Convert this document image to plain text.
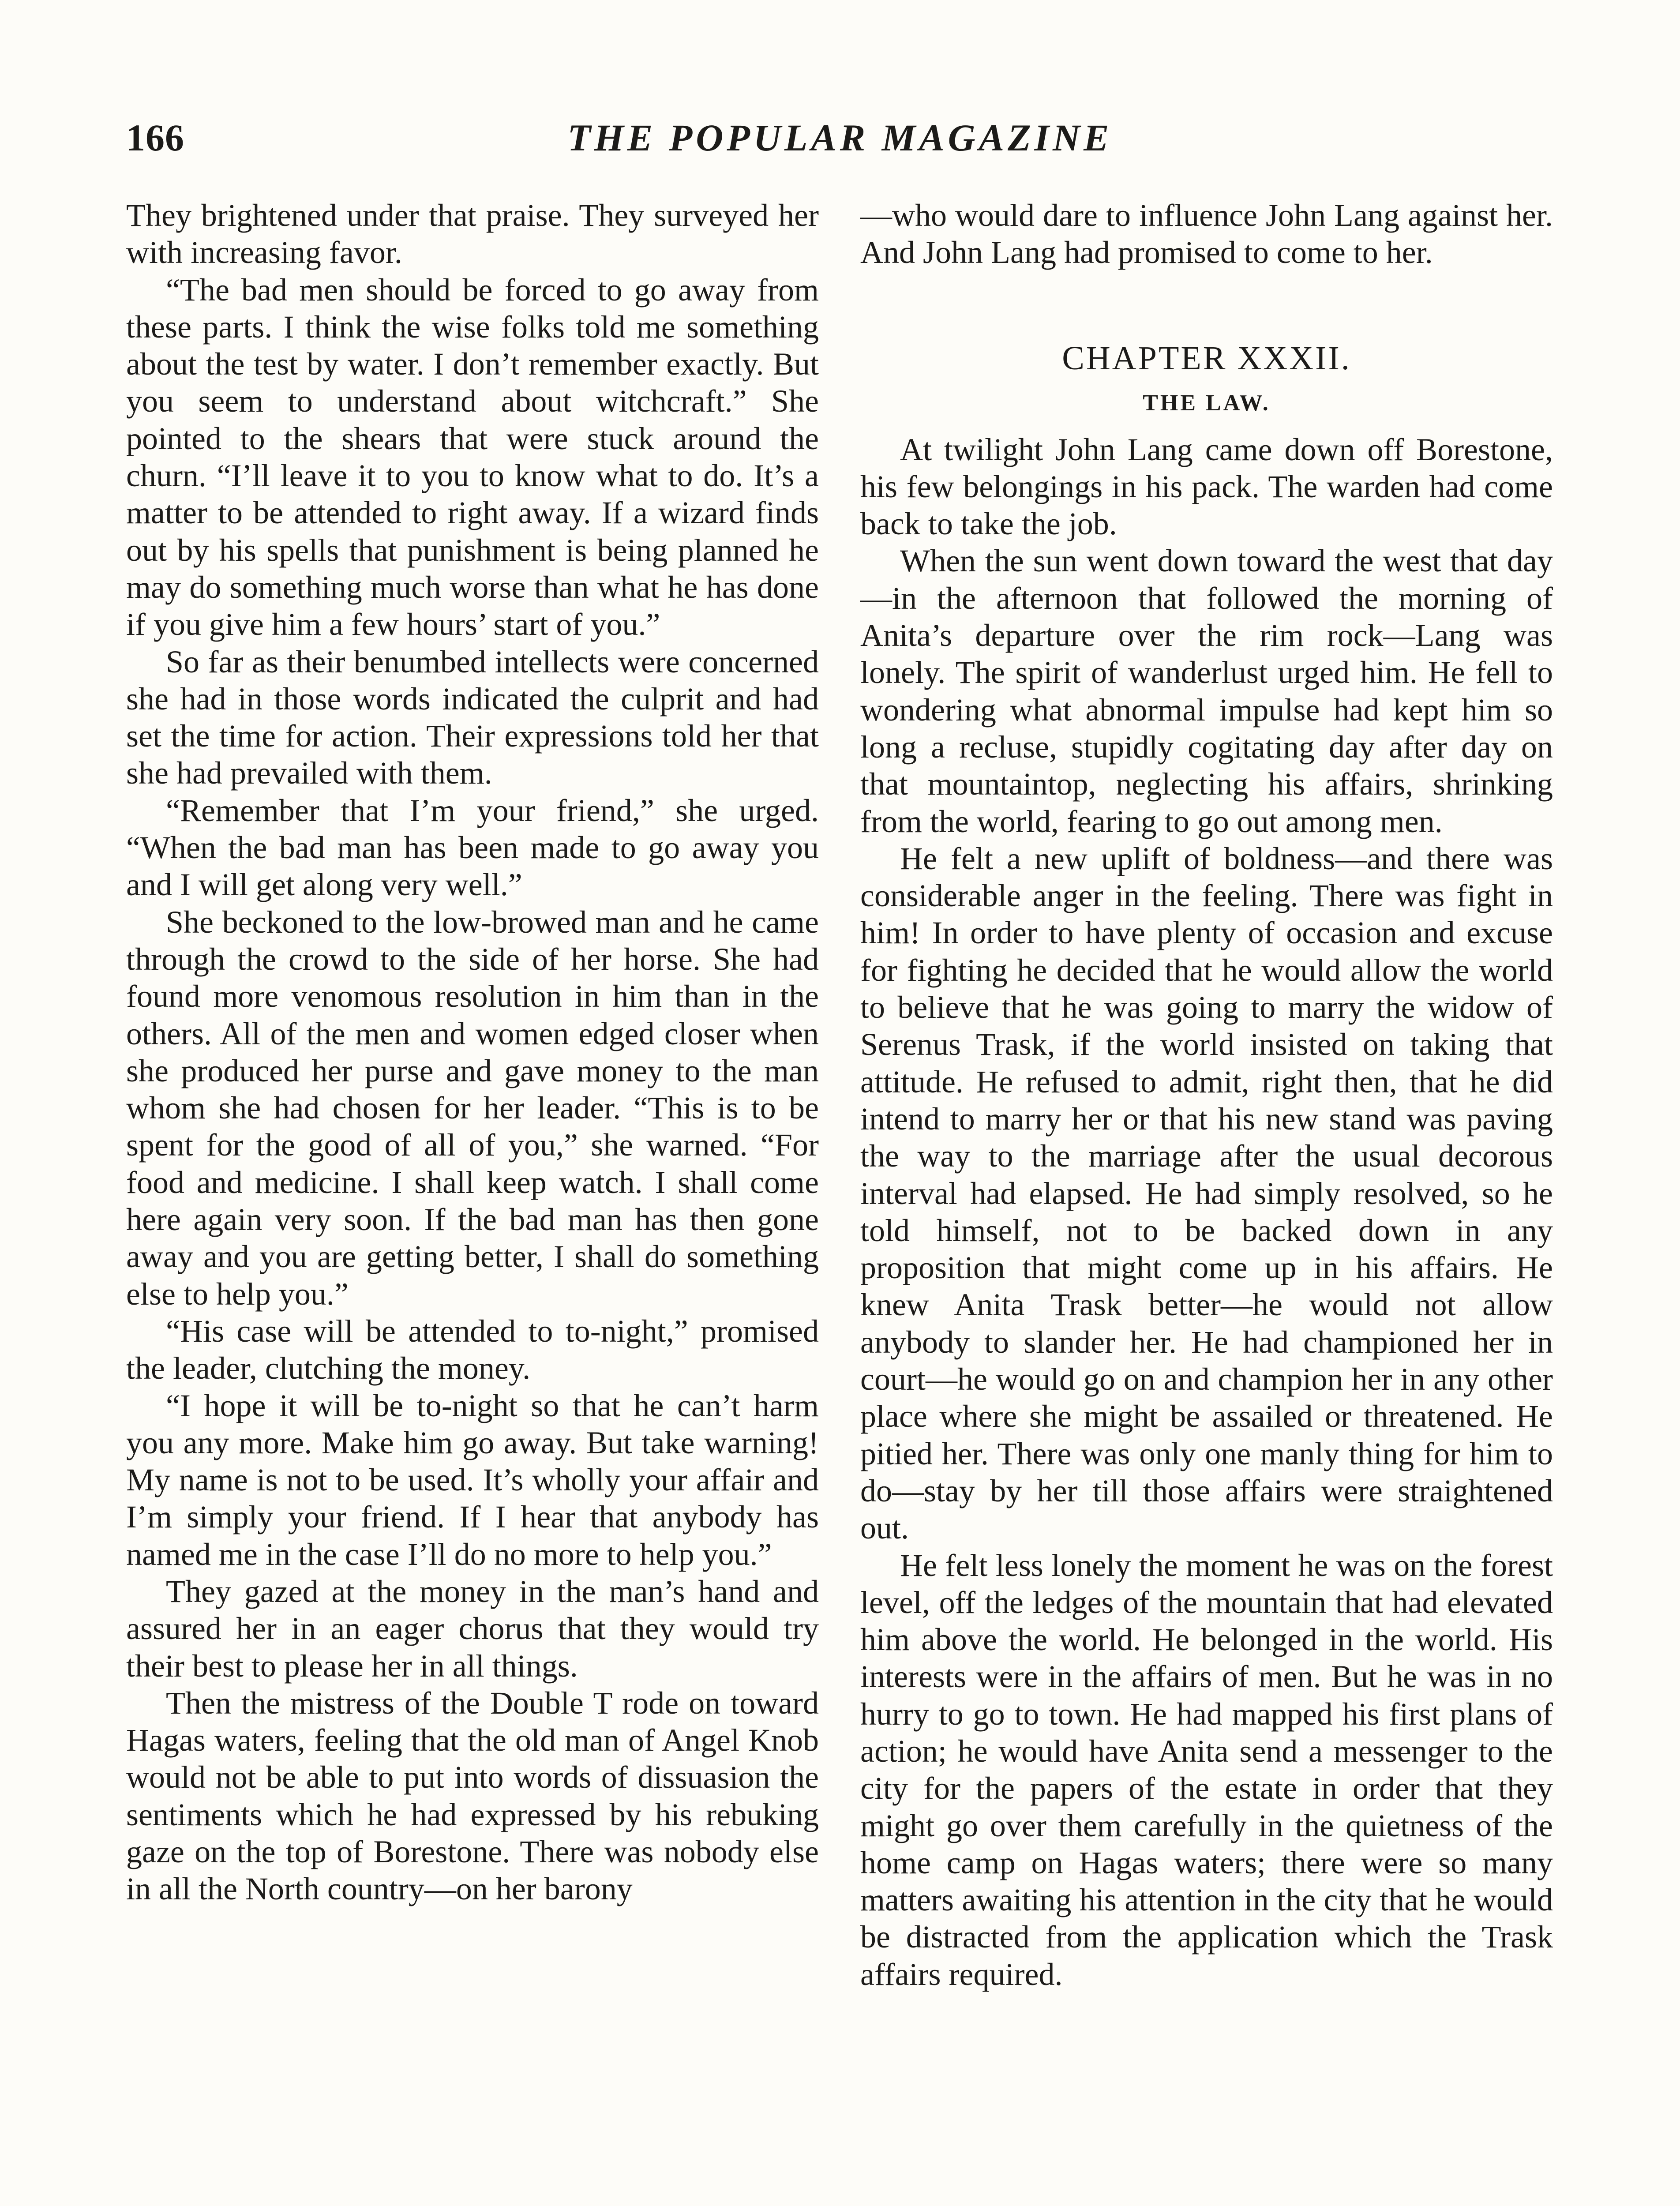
166	THE POPULAR MAGAZINE

They brightened under that praise. They surveyed her with increasing favor.

“The bad men should be forced to go away from these parts. I think the wise folks told me something about the test by water. I don’t remember exactly. But you seem to understand about witchcraft.” She pointed to the shears that were stuck around the churn. “I’ll leave it to you to know what to do. It’s a matter to be attended to right away. If a wizard finds out by his spells that punishment is being planned he may do something much worse than what he has done if you give him a few hours’ start of you.”

So far as their benumbed intellects were concerned she had in those words indicated the culprit and had set the time for action. Their expressions told her that she had prevailed with them.

“Remember that I’m your friend,” she urged. “When the bad man has been made to go away you and I will get along very well.”

She beckoned to the low-browed man and he came through the crowd to the side of her horse. She had found more venomous resolution in him than in the others. All of the men and women edged closer when she produced her purse and gave money to the man whom she had chosen for her leader. “This is to be spent for the good of all of you,” she warned. “For food and medicine. I shall keep watch. I shall come here again very soon. If the bad man has then gone away and you are getting better, I shall do something else to help you.”

“His case will be attended to to-night,” promised the leader, clutching the money.

“I hope it will be to-night so that he can’t harm you any more. Make him go away. But take warning! My name is not to be used. It’s wholly your affair and I’m simply your friend. If I hear that anybody has named me in the case I’ll do no more to help you.”

They gazed at the money in the man’s hand and assured her in an eager chorus that they would try their best to please her in all things.

Then the mistress of the Double T rode on toward Hagas waters, feeling that the old man of Angel Knob would not be able to put into words of dissuasion the sentiments which he had expressed by his rebuking gaze on the top of Borestone. There was nobody else in all the North country—on her barony

—who would dare to influence John Lang against her. And John Lang had promised to come to her.

CHAPTER XXXII.
THE LAW.

At twilight John Lang came down off Borestone, his few belongings in his pack. The warden had come back to take the job.

When the sun went down toward the west that day—in the afternoon that followed the morning of Anita’s departure over the rim rock—Lang was lonely. The spirit of wanderlust urged him. He fell to wondering what abnormal impulse had kept him so long a recluse, stupidly cogitating day after day on that mountaintop, neglecting his affairs, shrinking from the world, fearing to go out among men.

He felt a new uplift of boldness—and there was considerable anger in the feeling. There was fight in him! In order to have plenty of occasion and excuse for fighting he decided that he would allow the world to believe that he was going to marry the widow of Serenus Trask, if the world insisted on taking that attitude. He refused to admit, right then, that he did intend to marry her or that his new stand was paving the way to the marriage after the usual decorous interval had elapsed. He had simply resolved, so he told himself, not to be backed down in any proposition that might come up in his affairs. He knew Anita Trask better—he would not allow anybody to slander her. He had championed her in court—he would go on and champion her in any other place where she might be assailed or threatened. He pitied her. There was only one manly thing for him to do—stay by her till those affairs were straightened out.

He felt less lonely the moment he was on the forest level, off the ledges of the mountain that had elevated him above the world. He belonged in the world. His interests were in the affairs of men. But he was in no hurry to go to town. He had mapped his first plans of action; he would have Anita send a messenger to the city for the papers of the estate in order that they might go over them carefully in the quietness of the home camp on Hagas waters; there were so many matters awaiting his attention in the city that he would be distracted from the application which the Trask affairs required.
